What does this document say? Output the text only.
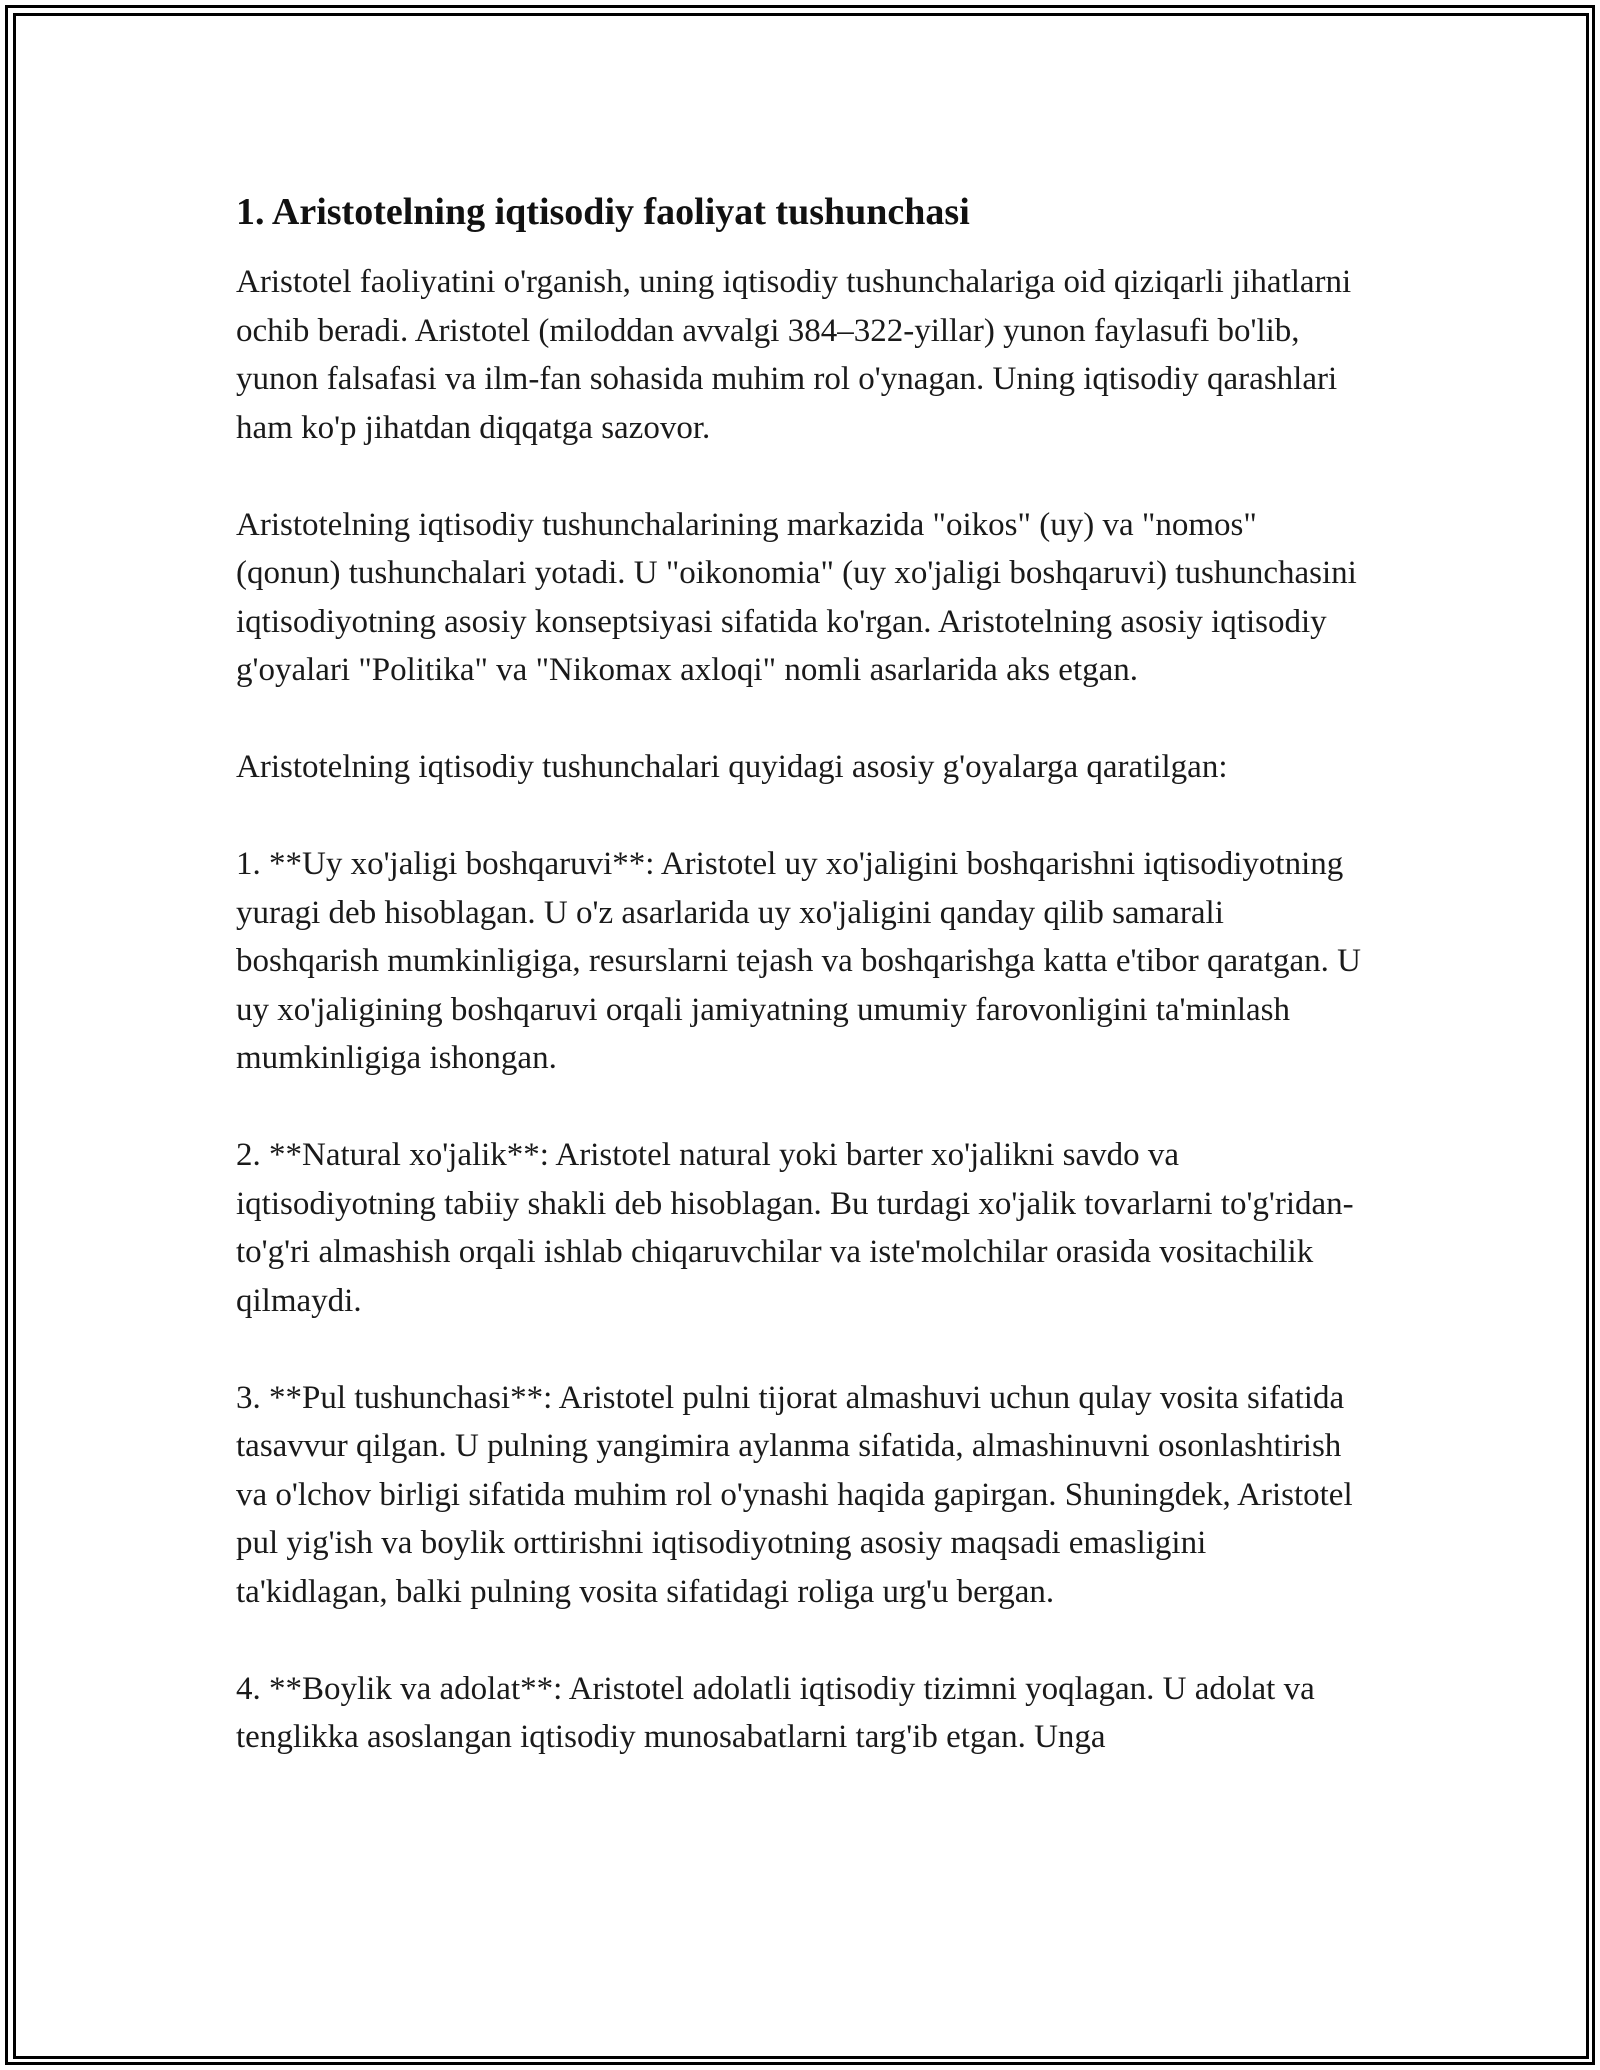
1. Aristotelning iqtisodiy faoliyat tushunchasi

Aristotel faoliyatini o'rganish, uning iqtisodiy tushunchalariga oid qiziqarli jihatlarni ochib beradi. Aristotel (miloddan avvalgi 384–322-yillar) yunon faylasufi bo'lib, yunon falsafasi va ilm-fan sohasida muhim rol o'ynagan. Uning iqtisodiy qarashlari ham ko'p jihatdan diqqatga sazovor.

Aristotelning iqtisodiy tushunchalarining markazida "oikos" (uy) va "nomos" (qonun) tushunchalari yotadi. U "oikonomia" (uy xo'jaligi boshqaruvi) tushunchasini iqtisodiyotning asosiy konseptsiyasi sifatida ko'rgan. Aristotelning asosiy iqtisodiy g'oyalari "Politika" va "Nikomax axloqi" nomli asarlarida aks etgan.

Aristotelning iqtisodiy tushunchalari quyidagi asosiy g'oyalarga qaratilgan:

1. **Uy xo'jaligi boshqaruvi**: Aristotel uy xo'jaligini boshqarishni iqtisodiyotning yuragi deb hisoblagan. U o'z asarlarida uy xo'jaligini qanday qilib samarali boshqarish mumkinligiga, resurslarni tejash va boshqarishga katta e'tibor qaratgan. U uy xo'jaligining boshqaruvi orqali jamiyatning umumiy farovonligini ta'minlash mumkinligiga ishongan.

2. **Natural xo'jalik**: Aristotel natural yoki barter xo'jalikni savdo va iqtisodiyotning tabiiy shakli deb hisoblagan. Bu turdagi xo'jalik tovarlarni to'g'ridan-to'g'ri almashish orqali ishlab chiqaruvchilar va iste'molchilar orasida vositachilik qilmaydi.

3. **Pul tushunchasi**: Aristotel pulni tijorat almashuvi uchun qulay vosita sifatida tasavvur qilgan. U pulning yangimira aylanma sifatida, almashinuvni osonlashtirish va o'lchov birligi sifatida muhim rol o'ynashi haqida gapirgan. Shuningdek, Aristotel pul yig'ish va boylik orttirishni iqtisodiyotning asosiy maqsadi emasligini ta'kidlagan, balki pulning vosita sifatidagi roliga urg'u bergan.

4. **Boylik va adolat**: Aristotel adolatli iqtisodiy tizimni yoqlagan. U adolat va tenglikka asoslangan iqtisodiy munosabatlarni targ'ib etgan. Unga
